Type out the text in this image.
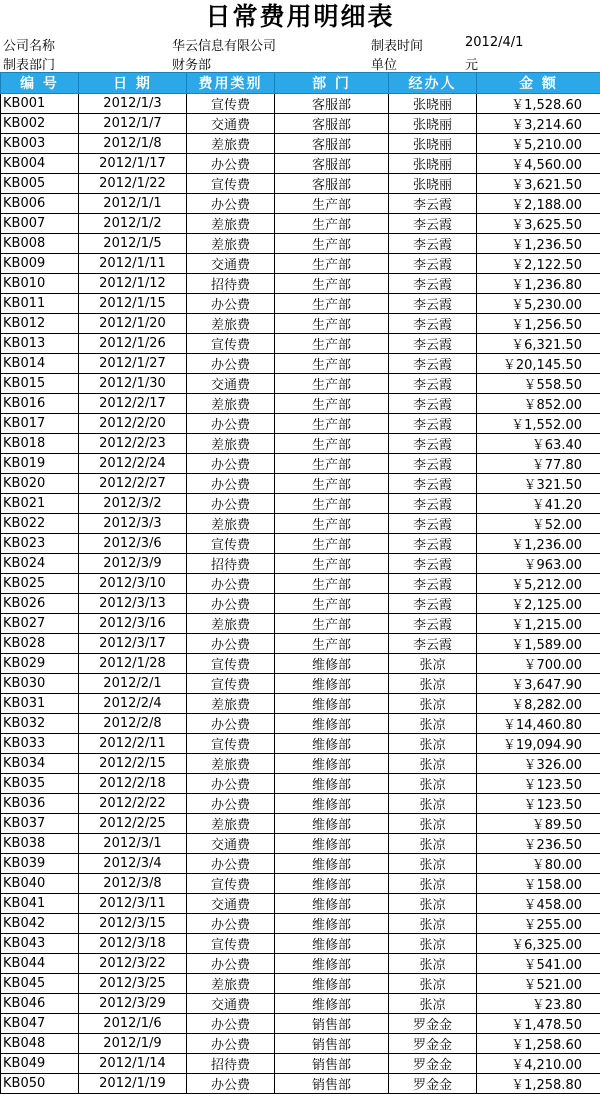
日常费用明细表
公司名称	华云信息有限公司	制表时间	2012/4/1
制表部门	财务部	单位	元
编 号	日 期	费用类别	部 门	经办人	金 额
KB001	2012/1/3	宣传费	客服部	张晓丽	￥1,528.60
KB002	2012/1/7	交通费	客服部	张晓丽	￥3,214.60
KB003	2012/1/8	差旅费	客服部	张晓丽	￥5,210.00
KB004	2012/1/17	办公费	客服部	张晓丽	￥4,560.00
KB005	2012/1/22	宣传费	客服部	张晓丽	￥3,621.50
KB006	2012/1/1	办公费	生产部	李云霞	￥2,188.00
KB007	2012/1/2	差旅费	生产部	李云霞	￥3,625.50
KB008	2012/1/5	差旅费	生产部	李云霞	￥1,236.50
KB009	2012/1/11	交通费	生产部	李云霞	￥2,122.50
KB010	2012/1/12	招待费	生产部	李云霞	￥1,236.80
KB011	2012/1/15	办公费	生产部	李云霞	￥5,230.00
KB012	2012/1/20	差旅费	生产部	李云霞	￥1,256.50
KB013	2012/1/26	宣传费	生产部	李云霞	￥6,321.50
KB014	2012/1/27	办公费	生产部	李云霞	￥20,145.50
KB015	2012/1/30	交通费	生产部	李云霞	￥558.50
KB016	2012/2/17	差旅费	生产部	李云霞	￥852.00
KB017	2012/2/20	办公费	生产部	李云霞	￥1,552.00
KB018	2012/2/23	差旅费	生产部	李云霞	￥63.40
KB019	2012/2/24	办公费	生产部	李云霞	￥77.80
KB020	2012/2/27	办公费	生产部	李云霞	￥321.50
KB021	2012/3/2	办公费	生产部	李云霞	￥41.20
KB022	2012/3/3	差旅费	生产部	李云霞	￥52.00
KB023	2012/3/6	宣传费	生产部	李云霞	￥1,236.00
KB024	2012/3/9	招待费	生产部	李云霞	￥963.00
KB025	2012/3/10	办公费	生产部	李云霞	￥5,212.00
KB026	2012/3/13	办公费	生产部	李云霞	￥2,125.00
KB027	2012/3/16	差旅费	生产部	李云霞	￥1,215.00
KB028	2012/3/17	办公费	生产部	李云霞	￥1,589.00
KB029	2012/1/28	宣传费	维修部	张凉	￥700.00
KB030	2012/2/1	宣传费	维修部	张凉	￥3,647.90
KB031	2012/2/4	差旅费	维修部	张凉	￥8,282.00
KB032	2012/2/8	办公费	维修部	张凉	￥14,460.80
KB033	2012/2/11	宣传费	维修部	张凉	￥19,094.90
KB034	2012/2/15	差旅费	维修部	张凉	￥326.00
KB035	2012/2/18	办公费	维修部	张凉	￥123.50
KB036	2012/2/22	办公费	维修部	张凉	￥123.50
KB037	2012/2/25	差旅费	维修部	张凉	￥89.50
KB038	2012/3/1	交通费	维修部	张凉	￥236.50
KB039	2012/3/4	办公费	维修部	张凉	￥80.00
KB040	2012/3/8	宣传费	维修部	张凉	￥158.00
KB041	2012/3/11	交通费	维修部	张凉	￥458.00
KB042	2012/3/15	办公费	维修部	张凉	￥255.00
KB043	2012/3/18	宣传费	维修部	张凉	￥6,325.00
KB044	2012/3/22	办公费	维修部	张凉	￥541.00
KB045	2012/3/25	差旅费	维修部	张凉	￥521.00
KB046	2012/3/29	交通费	维修部	张凉	￥23.80
KB047	2012/1/6	办公费	销售部	罗金金	￥1,478.50
KB048	2012/1/9	办公费	销售部	罗金金	￥1,258.60
KB049	2012/1/14	招待费	销售部	罗金金	￥4,210.00
KB050	2012/1/19	办公费	销售部	罗金金	￥1,258.80
